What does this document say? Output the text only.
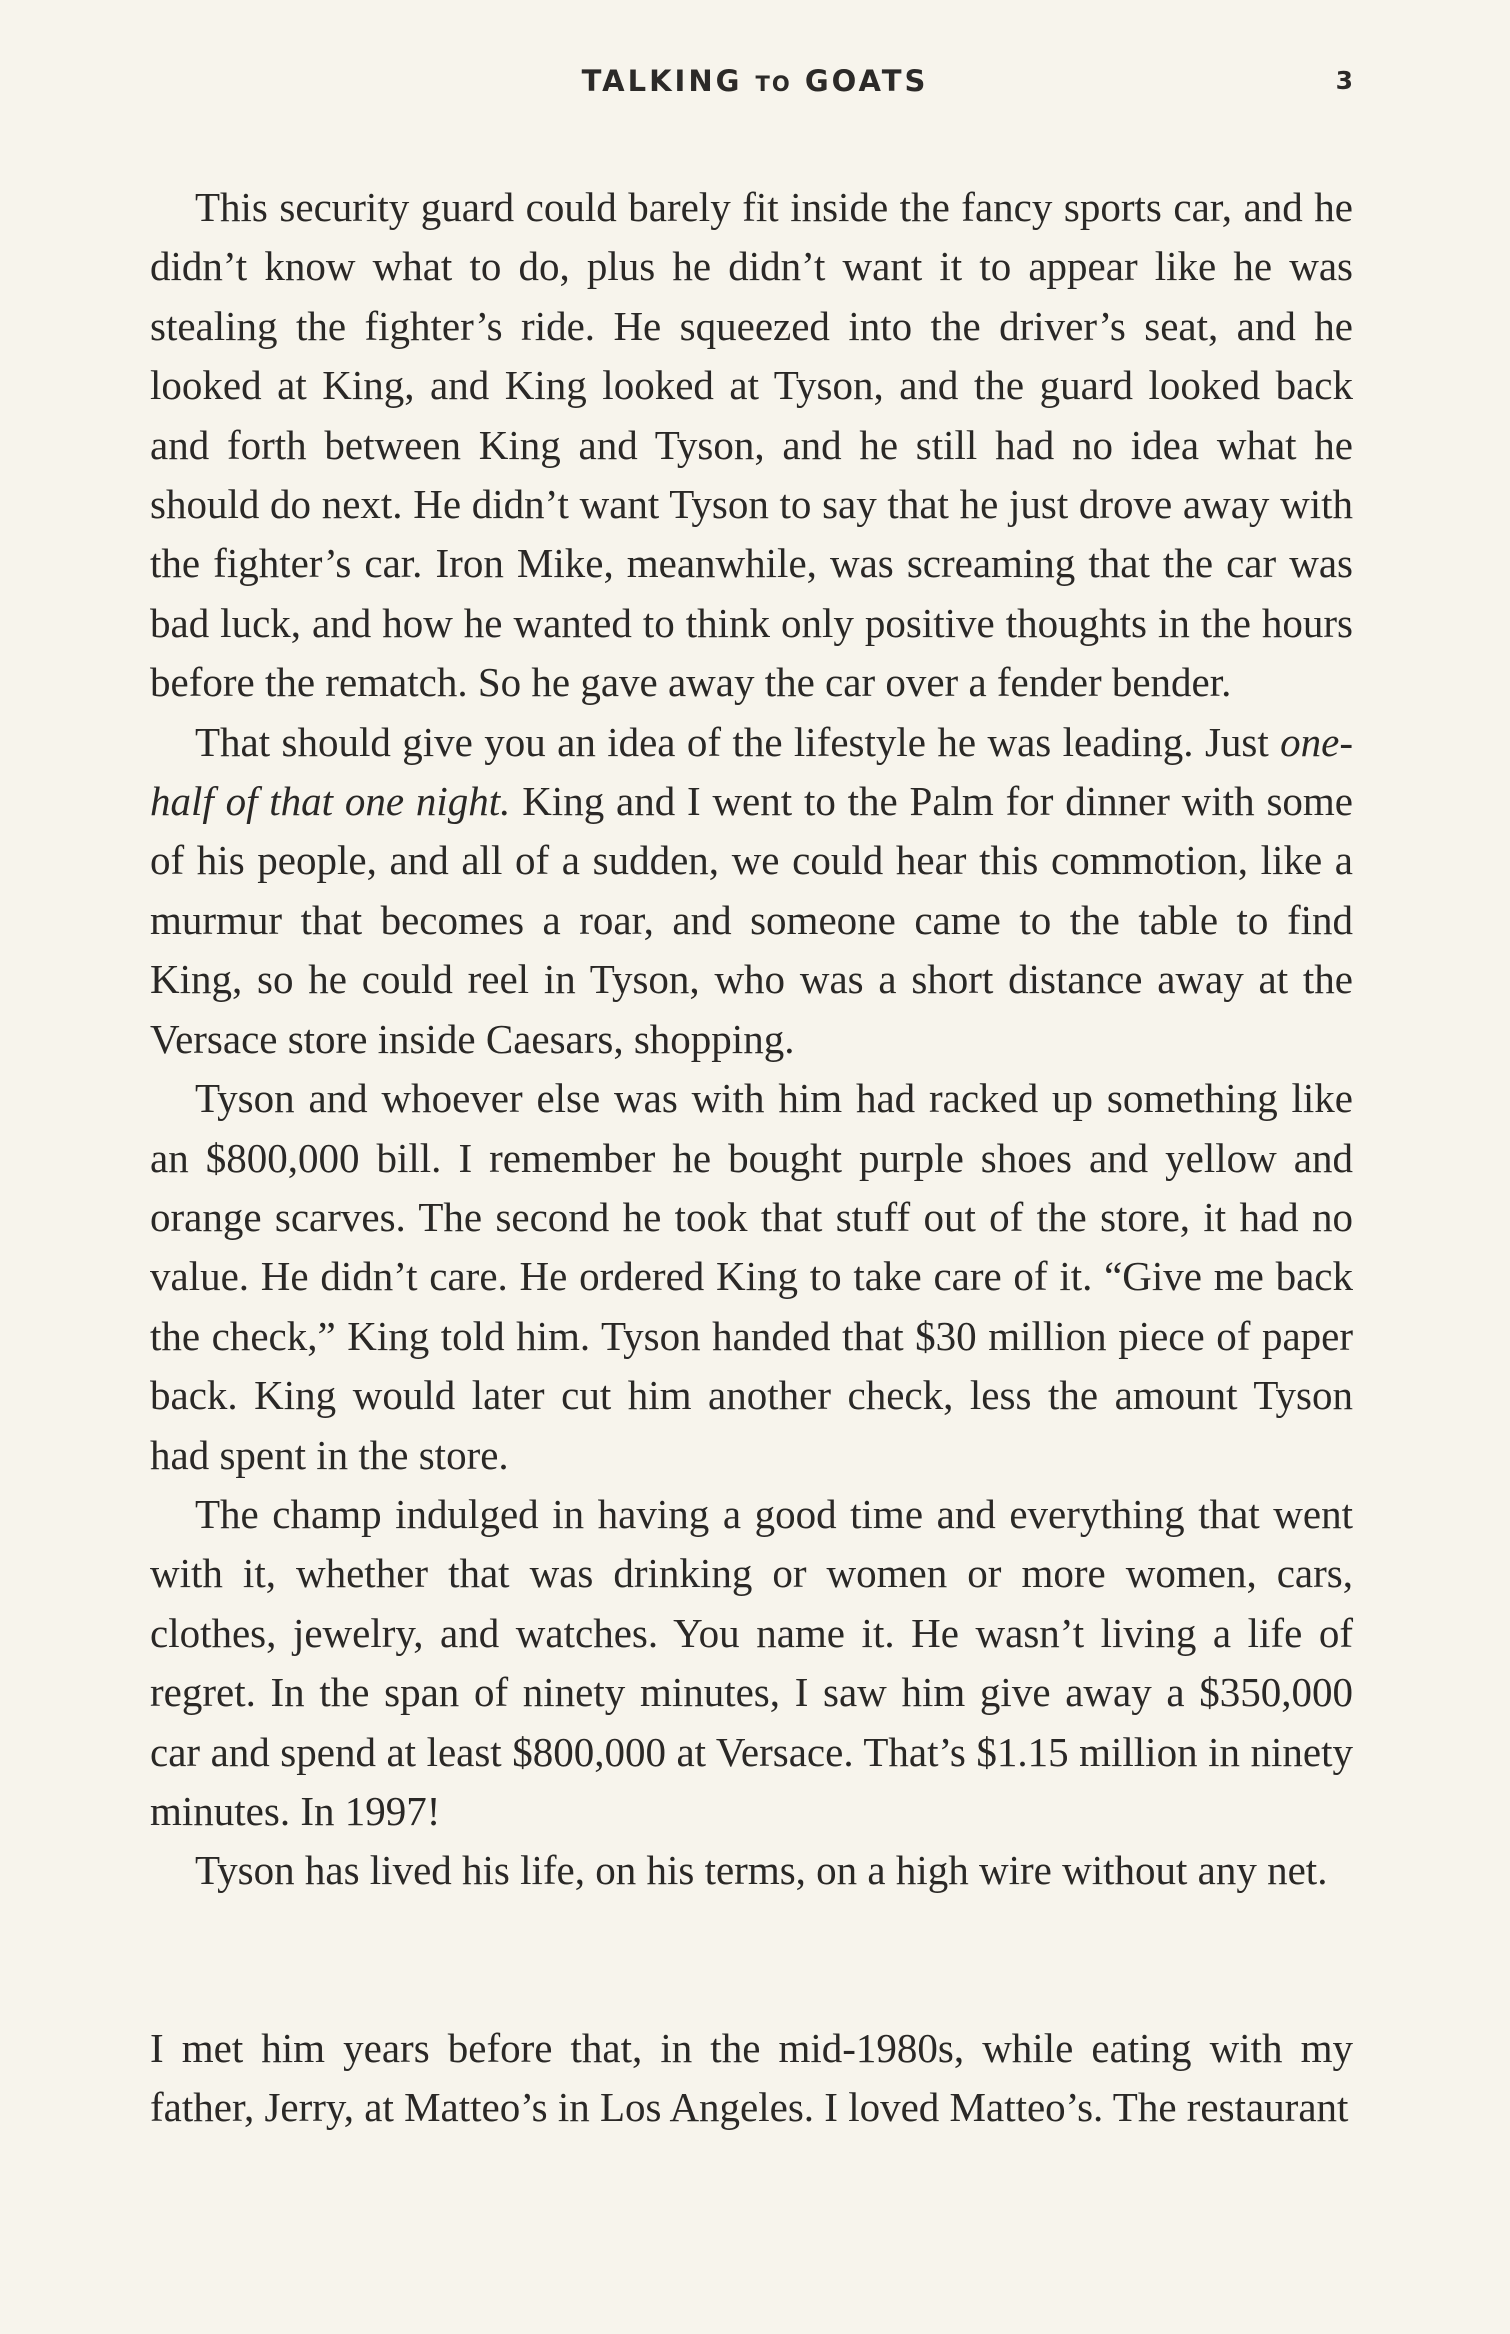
TALKING TO GOATS	3

This security guard could barely fit inside the fancy sports car, and he didn’t know what to do, plus he didn’t want it to appear like he was stealing the fighter’s ride. He squeezed into the driver’s seat, and he looked at King, and King looked at Tyson, and the guard looked back and forth between King and Tyson, and he still had no idea what he should do next. He didn’t want Tyson to say that he just drove away with the fighter’s car. Iron Mike, meanwhile, was screaming that the car was bad luck, and how he wanted to think only positive thoughts in the hours before the rematch. So he gave away the car over a fender bender.

That should give you an idea of the lifestyle he was leading. Just one-half of that one night. King and I went to the Palm for dinner with some of his people, and all of a sudden, we could hear this commotion, like a murmur that becomes a roar, and someone came to the table to find King, so he could reel in Tyson, who was a short distance away at the Versace store inside Caesars, shopping.

Tyson and whoever else was with him had racked up something like an $800,000 bill. I remember he bought purple shoes and yellow and orange scarves. The second he took that stuff out of the store, it had no value. He didn’t care. He ordered King to take care of it. “Give me back the check,” King told him. Tyson handed that $30 million piece of paper back. King would later cut him another check, less the amount Tyson had spent in the store.

The champ indulged in having a good time and everything that went with it, whether that was drinking or women or more women, cars, clothes, jewelry, and watches. You name it. He wasn’t living a life of regret. In the span of ninety minutes, I saw him give away a $350,000 car and spend at least $800,000 at Versace. That’s $1.15 million in ninety minutes. In 1997!

Tyson has lived his life, on his terms, on a high wire without any net.

I met him years before that, in the mid-1980s, while eating with my father, Jerry, at Matteo’s in Los Angeles. I loved Matteo’s. The restaurant
